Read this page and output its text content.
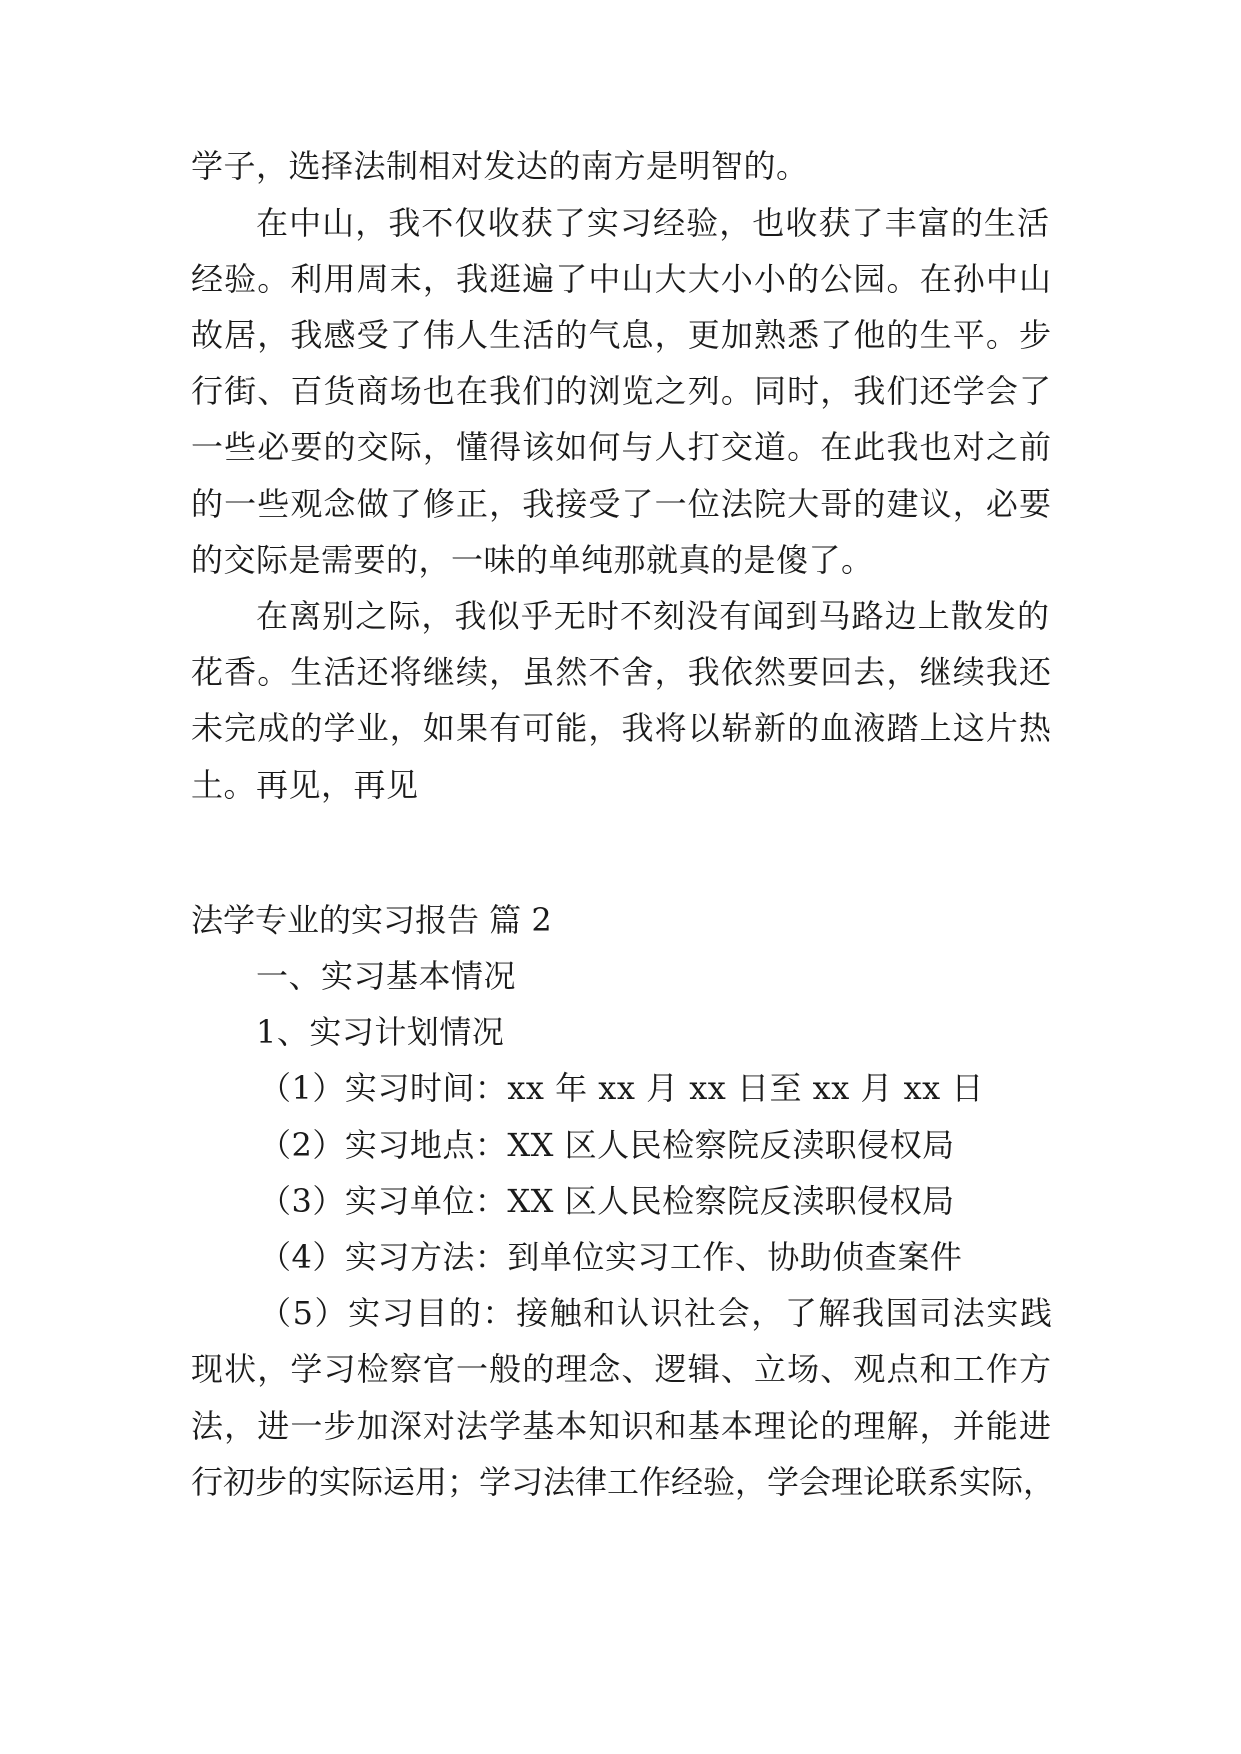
学子，选择法制相对发达的南方是明智的。
在中山，我不仅收获了实习经验，也收获了丰富的生活
经验。利用周末，我逛遍了中山大大小小的公园。在孙中山
故居，我感受了伟人生活的气息，更加熟悉了他的生平。步
行街、百货商场也在我们的浏览之列。同时，我们还学会了
一些必要的交际，懂得该如何与人打交道。在此我也对之前
的一些观念做了修正，我接受了一位法院大哥的建议，必要
的交际是需要的，一味的单纯那就真的是傻了。
在离别之际，我似乎无时不刻没有闻到马路边上散发的
花香。生活还将继续，虽然不舍，我依然要回去，继续我还
未完成的学业，如果有可能，我将以崭新的血液踏上这片热
土。再见，再见
法学专业的实习报告 篇 2
一、实习基本情况
1、实习计划情况
（1）实习时间：xx 年 xx 月 xx 日至 xx 月 xx 日
（2）实习地点：XX 区人民检察院反渎职侵权局
（3）实习单位：XX 区人民检察院反渎职侵权局
（4）实习方法：到单位实习工作、协助侦查案件
（5）实习目的：接触和认识社会，了解我国司法实践
现状，学习检察官一般的理念、逻辑、立场、观点和工作方
法，进一步加深对法学基本知识和基本理论的理解，并能进
行初步的实际运用；学习法律工作经验，学会理论联系实际，
